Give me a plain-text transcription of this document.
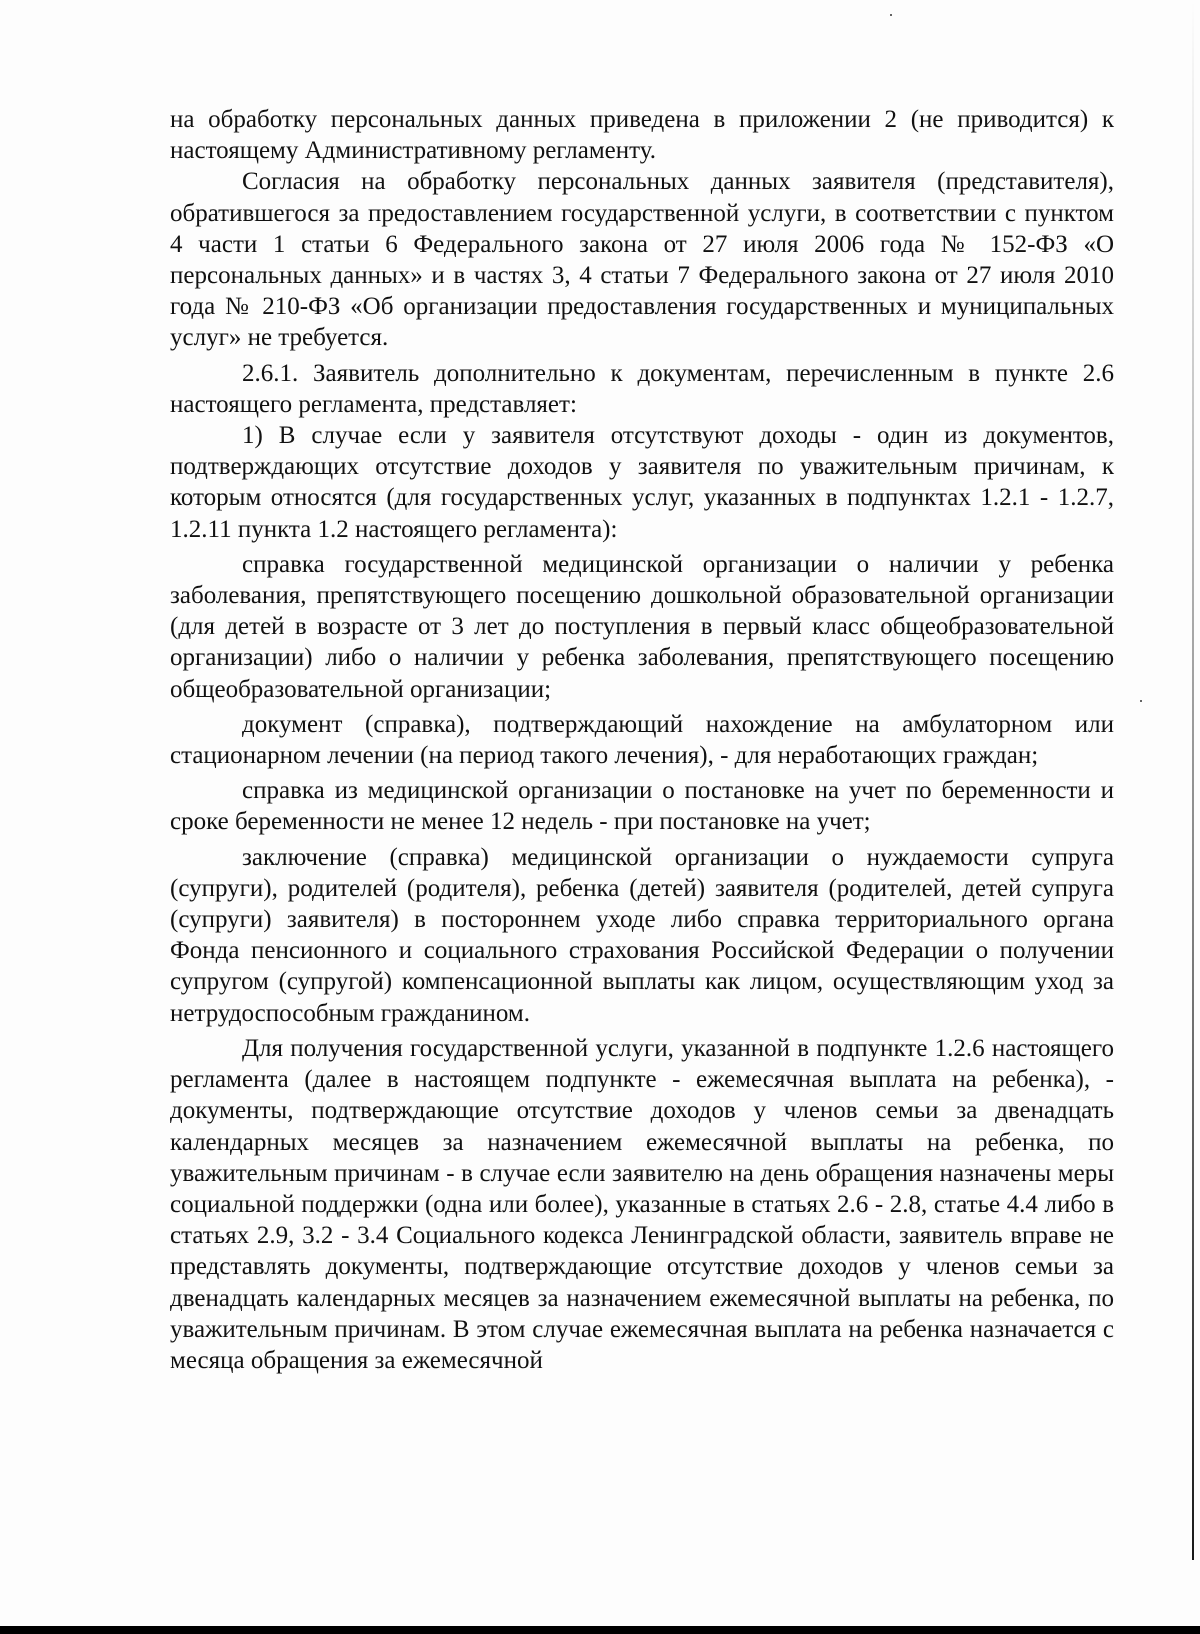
на обработку персональных данных приведена в приложении 2 (не приводится) к настоящему Административному регламенту.

Согласия на обработку персональных данных заявителя (представителя), обратившегося за предоставлением государственной услуги, в соответствии с пунктом 4 части 1 статьи 6 Федерального закона от 27 июля 2006 года № 152-ФЗ «О персональных данных» и в частях 3, 4 статьи 7 Федерального закона от 27 июля 2010 года № 210-ФЗ «Об организации предоставления государственных и муниципальных услуг» не требуется.

2.6.1. Заявитель дополнительно к документам, перечисленным в пункте 2.6 настоящего регламента, представляет:

1) В случае если у заявителя отсутствуют доходы - один из документов, подтверждающих отсутствие доходов у заявителя по уважительным причинам, к которым относятся (для государственных услуг, указанных в подпунктах 1.2.1 - 1.2.7, 1.2.11 пункта 1.2 настоящего регламента):

справка государственной медицинской организации о наличии у ребенка заболевания, препятствующего посещению дошкольной образовательной организации (для детей в возрасте от 3 лет до поступления в первый класс общеобразовательной организации) либо о наличии у ребенка заболевания, препятствующего посещению общеобразовательной организации;

документ (справка), подтверждающий нахождение на амбулаторном или стационарном лечении (на период такого лечения), - для неработающих граждан;

справка из медицинской организации о постановке на учет по беременности и сроке беременности не менее 12 недель - при постановке на учет;

заключение (справка) медицинской организации о нуждаемости супруга (супруги), родителей (родителя), ребенка (детей) заявителя (родителей, детей супруга (супруги) заявителя) в постороннем уходе либо справка территориального органа Фонда пенсионного и социального страхования Российской Федерации о получении супругом (супругой) компенсационной выплаты как лицом, осуществляющим уход за нетрудоспособным гражданином.

Для получения государственной услуги, указанной в подпункте 1.2.6 настоящего регламента (далее в настоящем подпункте - ежемесячная выплата на ребенка), - документы, подтверждающие отсутствие доходов у членов семьи за двенадцать календарных месяцев за назначением ежемесячной выплаты на ребенка, по уважительным причинам - в случае если заявителю на день обращения назначены меры социальной поддержки (одна или более), указанные в статьях 2.6 - 2.8, статье 4.4 либо в статьях 2.9, 3.2 - 3.4 Социального кодекса Ленинградской области, заявитель вправе не представлять документы, подтверждающие отсутствие доходов у членов семьи за двенадцать календарных месяцев за назначением ежемесячной выплаты на ребенка, по уважительным причинам. В этом случае ежемесячная выплата на ребенка назначается с месяца обращения за ежемесячной
